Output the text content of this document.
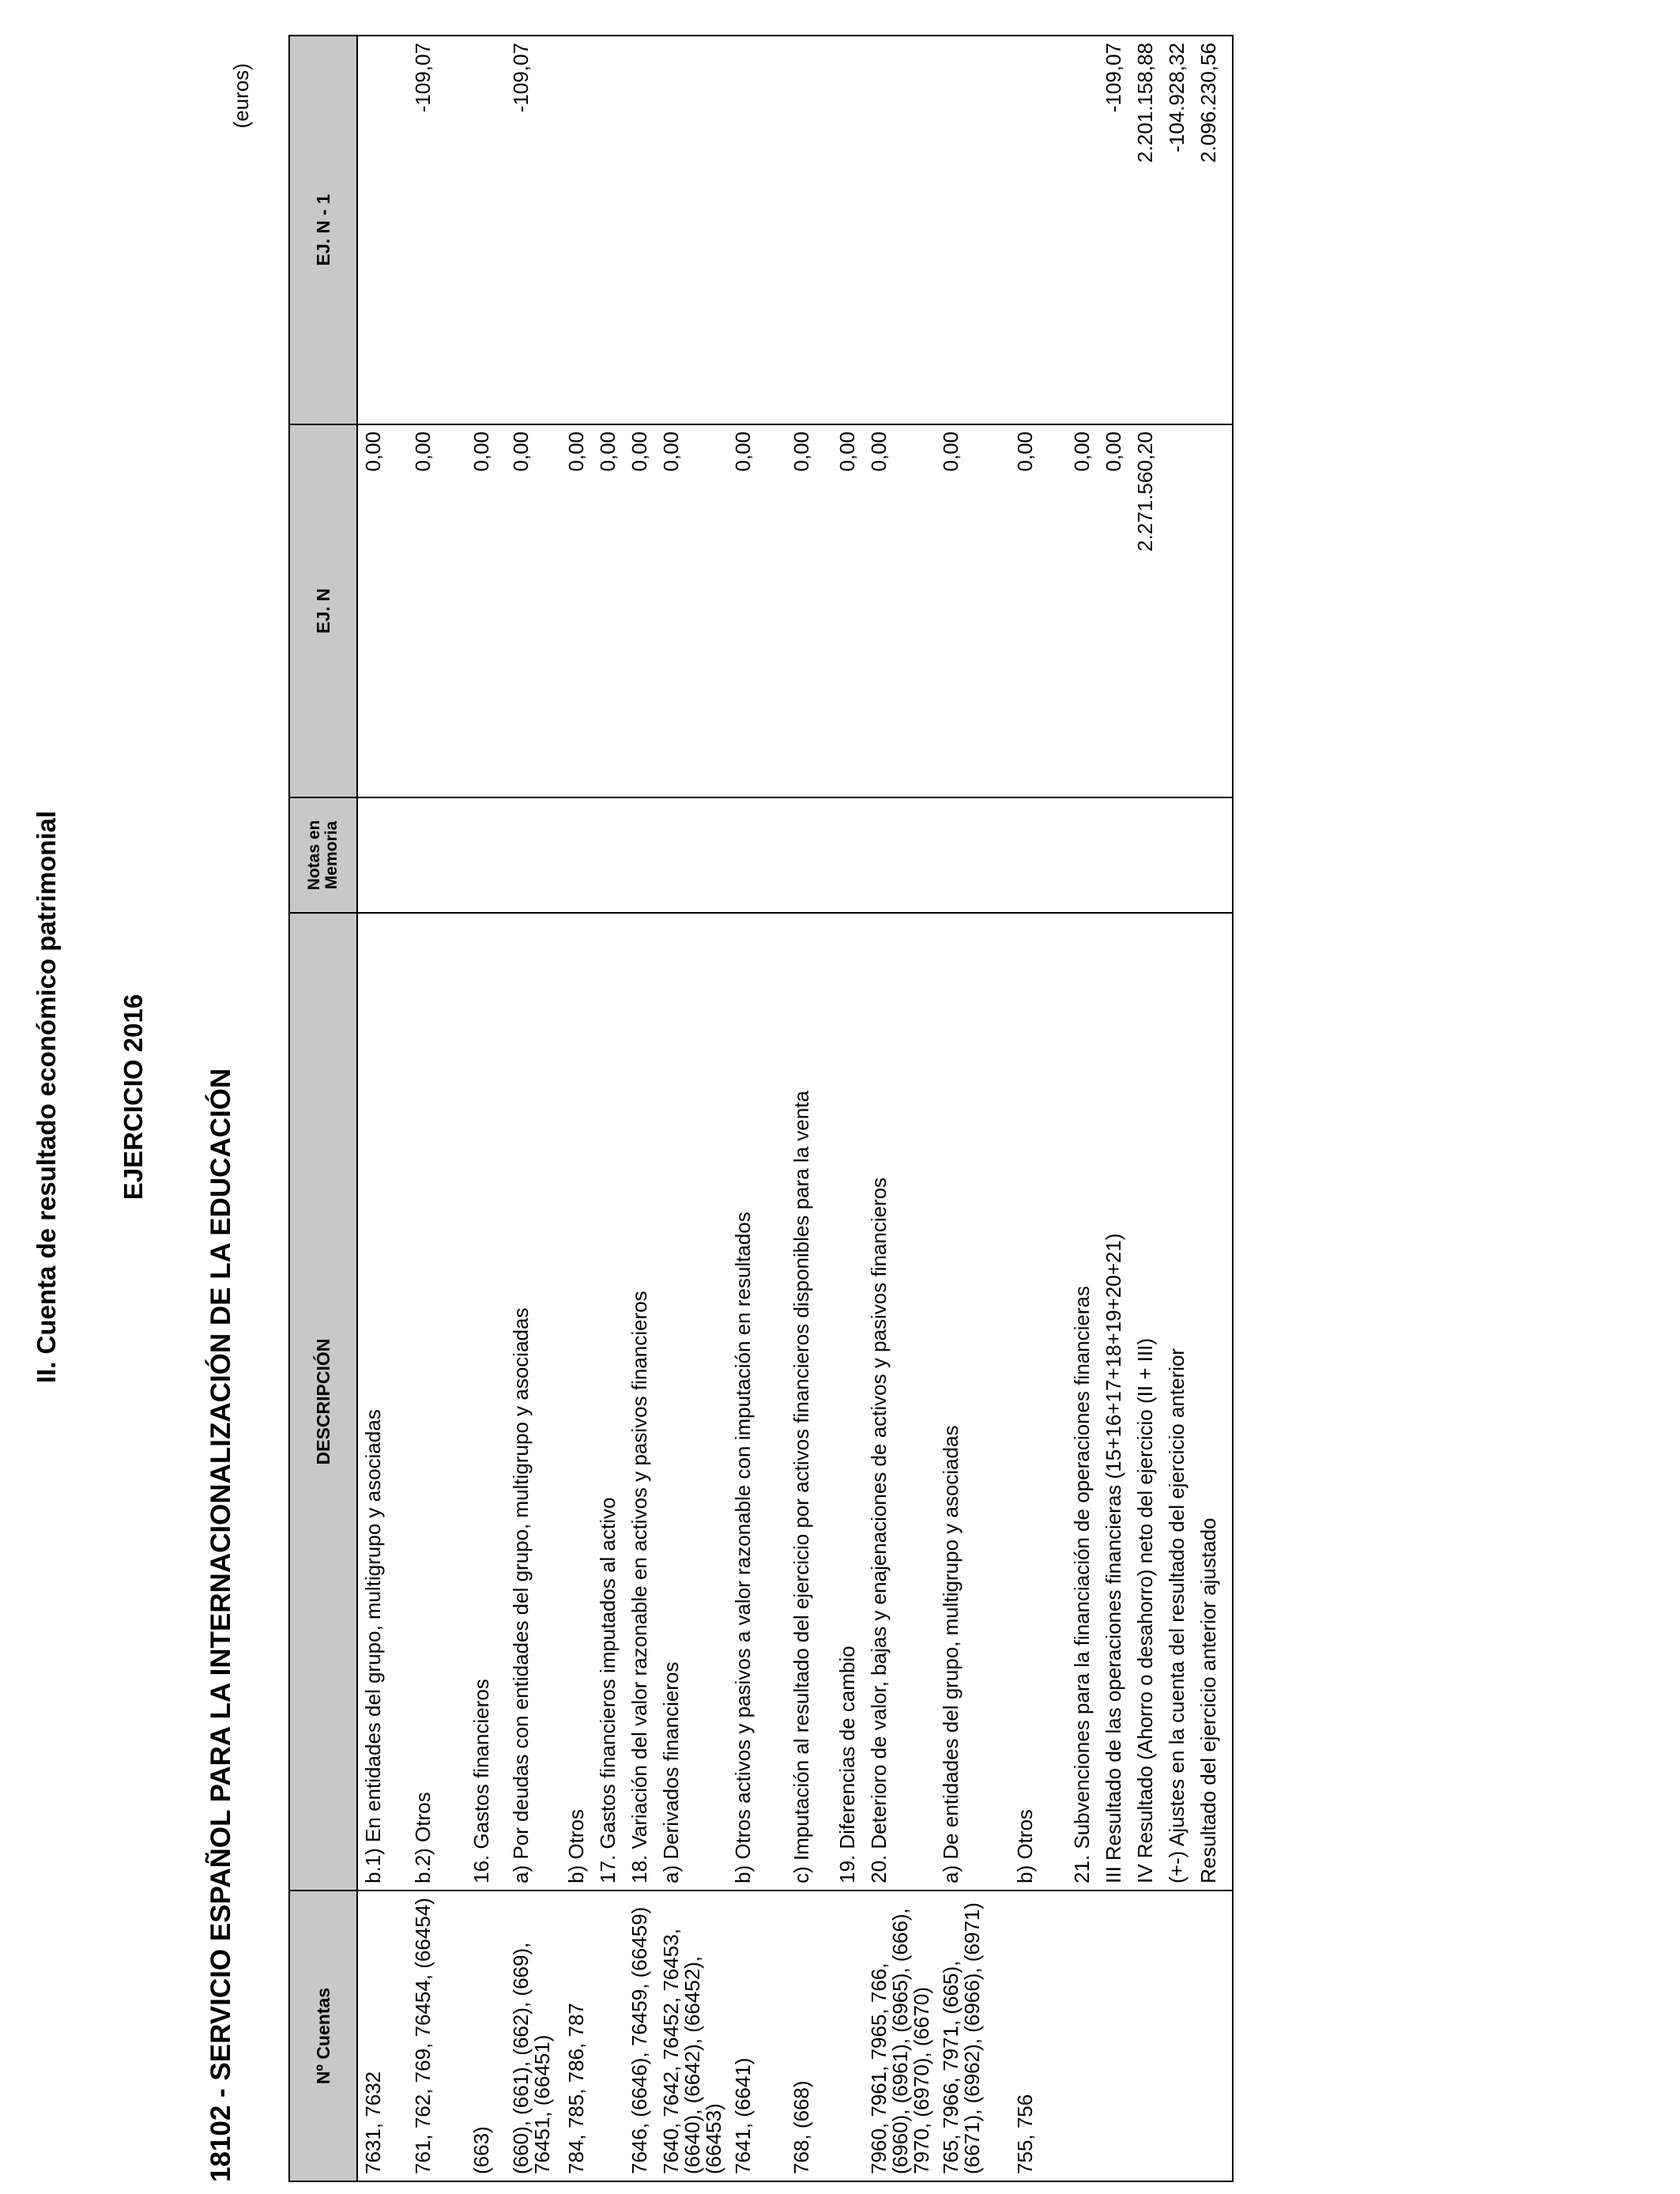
II. Cuenta de resultado económico patrimonial EJERCICIO 2016 18102 - SERVICIO ESPAÑOL PARA LA INTERNACIONALIZACIÓN DE LA EDUCACIÓN
(euros)
Nº Cuentas	DESCRIPCIÓN	Notas en Memoria	EJ. N	EJ. N - 1
7631, 7632	b.1) En entidades del grupo, multigrupo y asociadas		0,00	
761, 762, 769, 76454, (66454)	b.2) Otros		0,00	-109,07
(663)	16. Gastos financieros		0,00	
(660), (661), (662), (669), 76451, (66451)	a) Por deudas con entidades del grupo, multigrupo y asociadas		0,00	-109,07
784, 785, 786, 787	b) Otros		0,00	
	17. Gastos financieros imputados al activo		0,00	
7646, (6646), 76459, (66459)	18. Variación del valor razonable en activos y pasivos financieros		0,00	
7640, 7642, 76452, 76453, (6640), (6642), (66452), (66453)	a) Derivados financieros		0,00	
7641, (6641)	b) Otros activos y pasivos a valor razonable con imputación en resultados		0,00	
768, (668)	c) Imputación al resultado del ejercicio por activos financieros disponibles para la venta		0,00	
	19. Diferencias de cambio		0,00	
7960, 7961, 7965, 766, (6960), (6961), (6965), (666), 7970, (6970), (6670)	20. Deterioro de valor, bajas y enajenaciones de activos y pasivos financieros		0,00	
765, 7966, 7971, (665), (6671), (6962), (6966), (6971)	a) De entidades del grupo, multigrupo y asociadas		0,00	
755, 756	b) Otros		0,00	
	21. Subvenciones para la financiación de operaciones financieras		0,00	
	III Resultado de las operaciones financieras (15+16+17+18+19+20+21)		0,00	-109,07
	IV Resultado (Ahorro o desahorro) neto del ejercicio (II + III)		2.271.560,20	2.201.158,88
	(+-) Ajustes en la cuenta del resultado del ejercicio anterior			-104.928,32
	Resultado del ejercicio anterior ajustado			2.096.230,56
